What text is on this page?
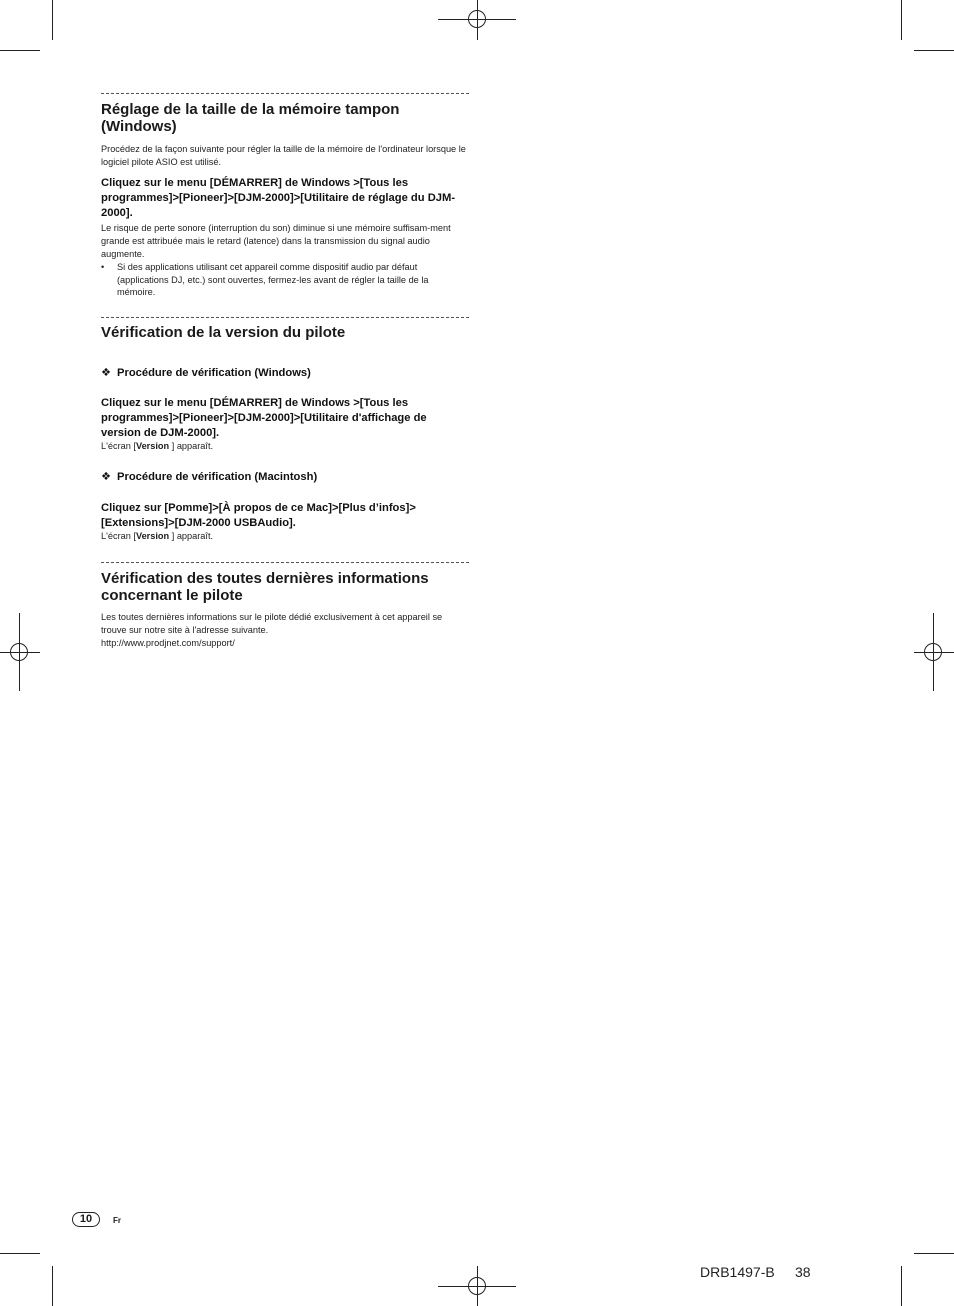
Réglage de la taille de la mémoire tampon (Windows)

Procédez de la façon suivante pour régler la taille de la mémoire de l'ordinateur lorsque le logiciel pilote ASIO est utilisé.

Cliquez sur le menu [DÉMARRER] de Windows >[Tous les programmes]>[Pioneer]>[DJM-2000]>[Utilitaire de réglage du DJM-2000].

Le risque de perte sonore (interruption du son) diminue si une mémoire suffisam-ment grande est attribuée mais le retard (latence) dans la transmission du signal audio augmente.

•	Si des applications utilisant cet appareil comme dispositif audio par défaut (applications DJ, etc.) sont ouvertes, fermez-les avant de régler la taille de la mémoire.
Vérification de la version du pilote

❖ Procédure de vérification (Windows)

Cliquez sur le menu [DÉMARRER] de Windows >[Tous les programmes]>[Pioneer]>[DJM-2000]>[Utilitaire d'affichage de version de DJM-2000].

L'écran [Version ] apparaît.

❖ Procédure de vérification (Macintosh)

Cliquez sur [Pomme]>[À propos de ce Mac]>[Plus d’infos]>[Extensions]>[DJM-2000 USBAudio].

L'écran [Version ] apparaît.

Vérification des toutes dernières informations concernant le pilote

Les toutes dernières informations sur le pilote dédié exclusivement à cet appareil se trouve sur notre site à l'adresse suivante.

http://www.prodjnet.com/support/

10	Fr
DRB1497-B 38
